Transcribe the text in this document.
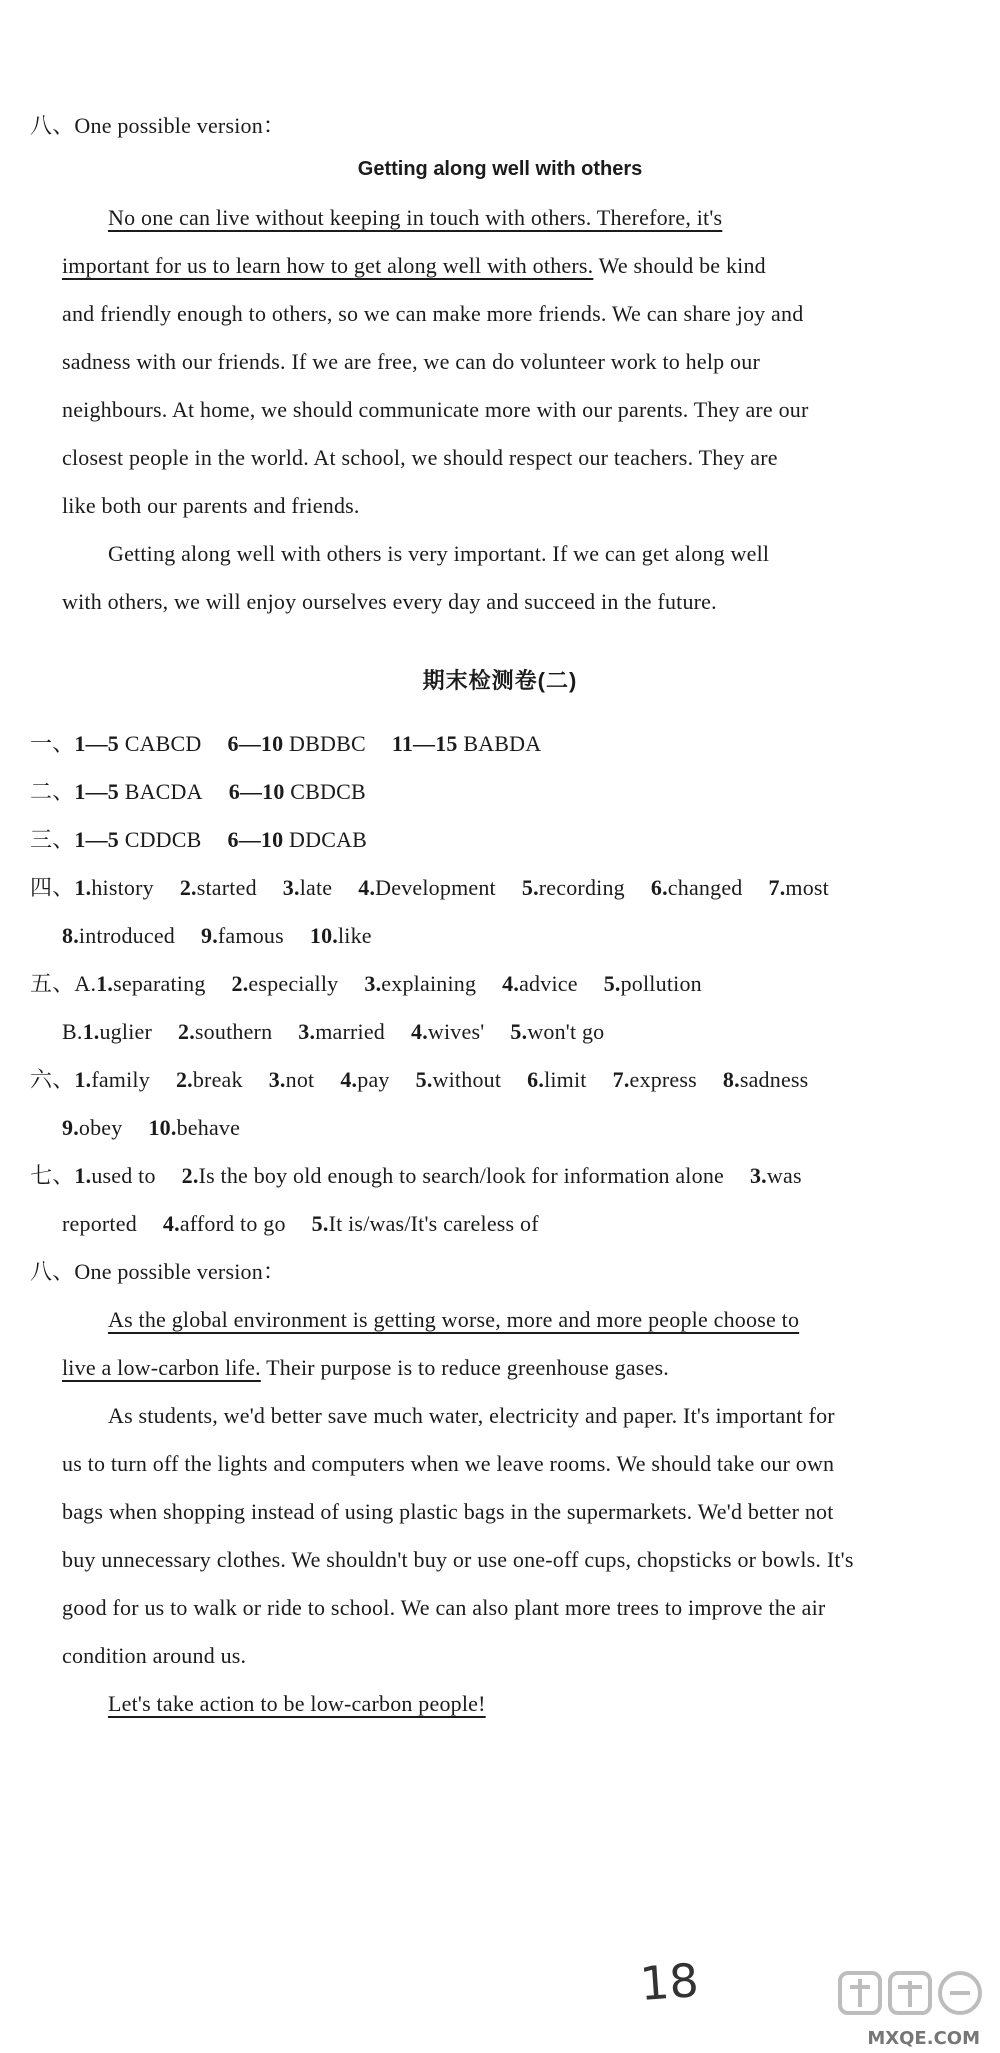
八、One possible version：
Getting along well with others
No one can live without keeping in touch with others. Therefore, it's
important for us to learn how to get along well with others. We should be kind
and friendly enough to others, so we can make more friends. We can share joy and
sadness with our friends. If we are free, we can do volunteer work to help our
neighbours. At home, we should communicate more with our parents. They are our
closest people in the world. At school, we should respect our teachers. They are
like both our parents and friends.
Getting along well with others is very important. If we can get along well
with others, we will enjoy ourselves every day and succeed in the future.
期末检测卷(二)
一、1—5 CABCD 6—10 DBDBC 11—15 BABDA
二、1—5 BACDA 6—10 CBDCB
三、1—5 CDDCB 6—10 DDCAB
四、1.history 2.started 3.late 4.Development 5.recording 6.changed 7.most
8.introduced 9.famous 10.like
五、A.1.separating 2.especially 3.explaining 4.advice 5.pollution
B.1.uglier 2.southern 3.married 4.wives' 5.won't go
六、1.family 2.break 3.not 4.pay 5.without 6.limit 7.express 8.sadness
9.obey 10.behave
七、1.used to 2.Is the boy old enough to search/look for information alone 3.was
reported 4.afford to go 5.It is/was/It's careless of
八、One possible version：
As the global environment is getting worse, more and more people choose to
live a low-carbon life. Their purpose is to reduce greenhouse gases.
As students, we'd better save much water, electricity and paper. It's important for
us to turn off the lights and computers when we leave rooms. We should take our own
bags when shopping instead of using plastic bags in the supermarkets. We'd better not
buy unnecessary clothes. We shouldn't buy or use one-off cups, chopsticks or bowls. It's
good for us to walk or ride to school. We can also plant more trees to improve the air
condition around us.
Let's take action to be low-carbon people!
18
MXQE.COM
